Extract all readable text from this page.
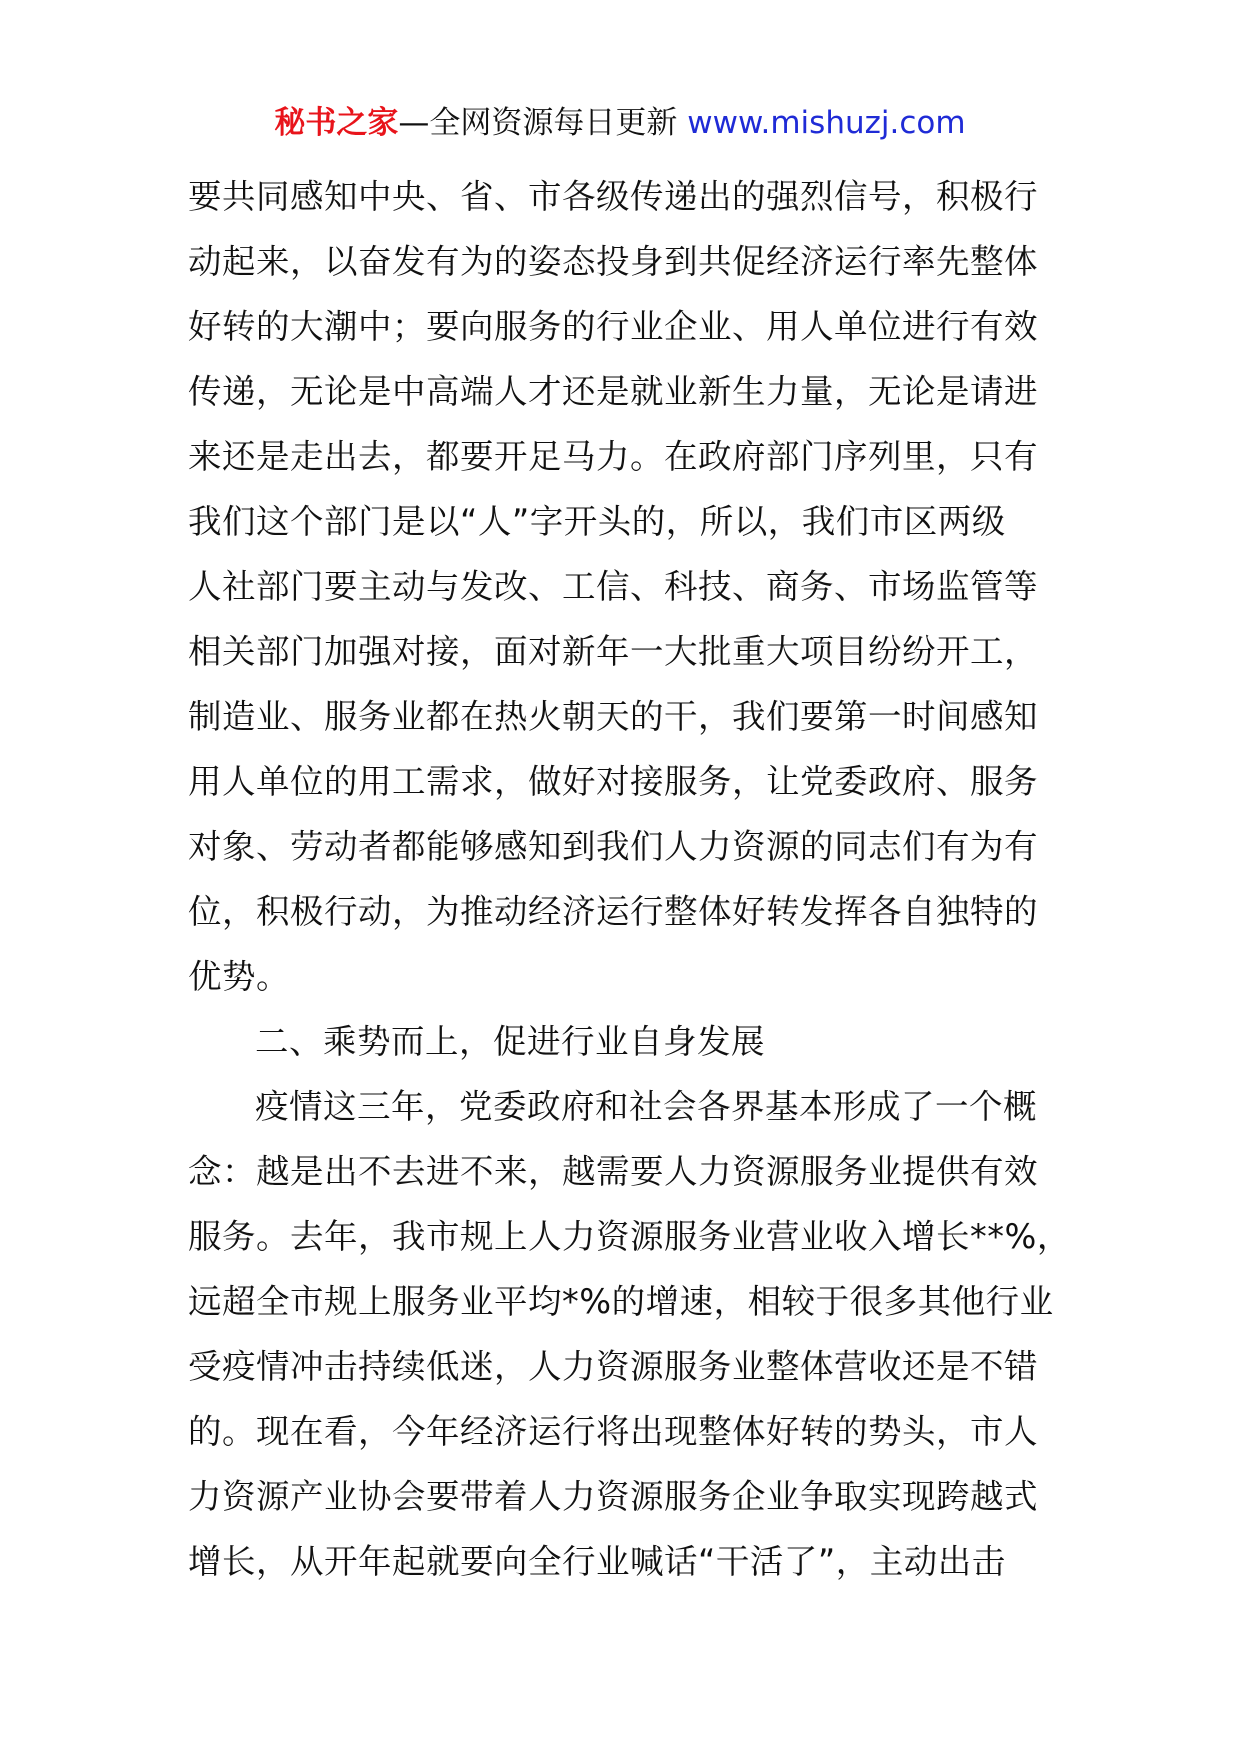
秘书之家—全网资源每日更新 www.mishuzj.com
要共同感知中央、省、市各级传递出的强烈信号，积极行
动起来，以奋发有为的姿态投身到共促经济运行率先整体
好转的大潮中；要向服务的行业企业、用人单位进行有效
传递，无论是中高端人才还是就业新生力量，无论是请进
来还是走出去，都要开足马力。在政府部门序列里，只有
我们这个部门是以“人”字开头的，所以，我们市区两级
人社部门要主动与发改、工信、科技、商务、市场监管等
相关部门加强对接，面对新年一大批重大项目纷纷开工，
制造业、服务业都在热火朝天的干，我们要第一时间感知
用人单位的用工需求，做好对接服务，让党委政府、服务
对象、劳动者都能够感知到我们人力资源的同志们有为有
位，积极行动，为推动经济运行整体好转发挥各自独特的
优势。
二、乘势而上，促进行业自身发展
疫情这三年，党委政府和社会各界基本形成了一个概
念：越是出不去进不来，越需要人力资源服务业提供有效
服务。去年，我市规上人力资源服务业营业收入增长**%，
远超全市规上服务业平均*%的增速，相较于很多其他行业
受疫情冲击持续低迷，人力资源服务业整体营收还是不错
的。现在看，今年经济运行将出现整体好转的势头，市人
力资源产业协会要带着人力资源服务企业争取实现跨越式
增长，从开年起就要向全行业喊话“干活了”，主动出击
